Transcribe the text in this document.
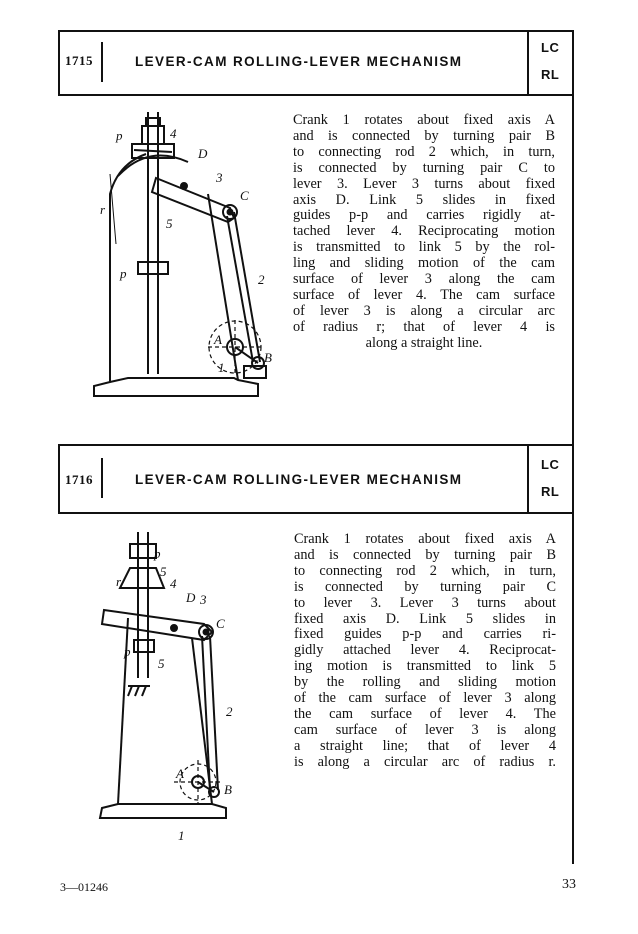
1715	LEVER-CAM ROLLING-LEVER MECHANISM
LC
RL
p	4
D
3
C
r
5
p	2
A
1
B
Crank 1 rotates about fixed axis A
and is connected by turning pair B
to connecting rod 2 which, in turn,
is connected by turning pair C to
lever 3. Lever 3 turns about fixed
axis D. Link 5 slides in fixed
guides p-p and carries rigidly at-
tached lever 4. Reciprocating motion
is transmitted to link 5 by the rol-
ling and sliding motion of the cam
surface of lever 3 along the cam
surface of lever 4. The cam surface
of lever 3 is along a circular arc
of radius r; that of lever 4 is
along a straight line.
1716	LEVER-CAM ROLLING-LEVER MECHANISM
LC
RL
p
r
5
4
D 3
C
p
5
2
A
B
1
Crank 1 rotates about fixed axis A
and is connected by turning pair B
to connecting rod 2 which, in turn,
is connected by turning pair C
to lever 3. Lever 3 turns about
fixed axis D. Link 5 slides in
fixed guides p-p and carries ri-
gidly attached lever 4. Reciprocat-
ing motion is transmitted to link 5
by the rolling and sliding motion
of the cam surface of lever 3 along
the cam surface of lever 4. The
cam surface of lever 3 is along
a straight line; that of lever 4
is along a circular arc of radius r.
3—01246	33
